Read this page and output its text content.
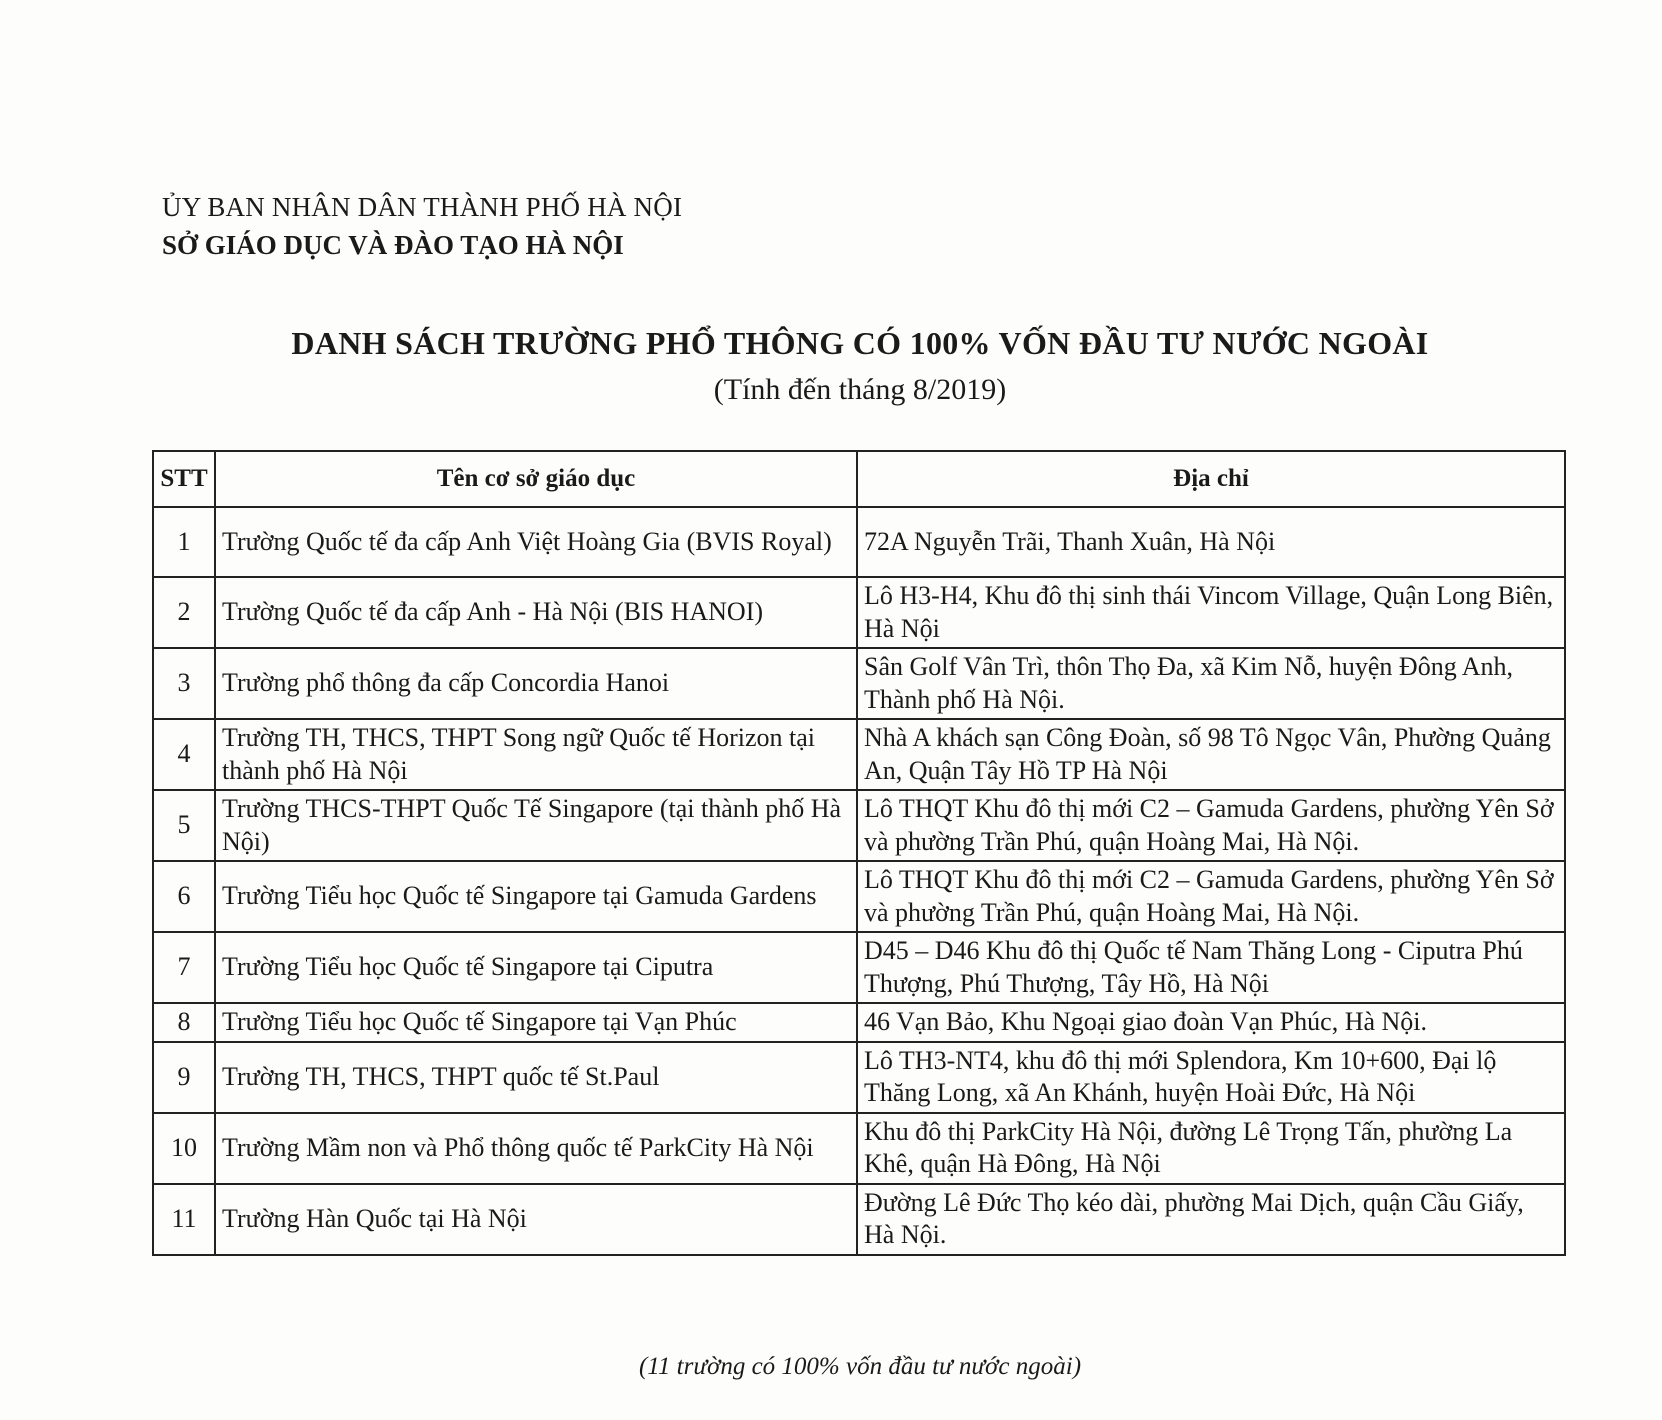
ỦY BAN NHÂN DÂN THÀNH PHỐ HÀ NỘI
SỞ GIÁO DỤC VÀ ĐÀO TẠO HÀ NỘI
DANH SÁCH TRƯỜNG PHỔ THÔNG CÓ 100% VỐN ĐẦU TƯ NƯỚC NGOÀI
(Tính đến tháng 8/2019)
STT	Tên cơ sở giáo dục	Địa chỉ
1	Trường Quốc tế đa cấp Anh Việt Hoàng Gia (BVIS Royal)	72A Nguyễn Trãi, Thanh Xuân, Hà Nội
2	Trường Quốc tế đa cấp Anh - Hà Nội (BIS HANOI)	Lô H3-H4, Khu đô thị sinh thái Vincom Village, Quận Long Biên, Hà Nội
3	Trường phổ thông đa cấp Concordia Hanoi	Sân Golf Vân Trì, thôn Thọ Đa, xã Kim Nỗ, huyện Đông Anh, Thành phố Hà Nội.
4	Trường TH, THCS, THPT Song ngữ Quốc tế Horizon tại thành phố Hà Nội	Nhà A khách sạn Công Đoàn, số 98 Tô Ngọc Vân, Phường Quảng An, Quận Tây Hồ TP Hà Nội
5	Trường THCS-THPT Quốc Tế Singapore (tại thành phố Hà Nội)	Lô THQT Khu đô thị mới C2 – Gamuda Gardens, phường Yên Sở và phường Trần Phú, quận Hoàng Mai, Hà Nội.
6	Trường Tiểu học Quốc tế Singapore tại Gamuda Gardens	Lô THQT Khu đô thị mới C2 – Gamuda Gardens, phường Yên Sở và phường Trần Phú, quận Hoàng Mai, Hà Nội.
7	Trường Tiểu học Quốc tế Singapore tại Ciputra	D45 – D46 Khu đô thị Quốc tế Nam Thăng Long - Ciputra Phú Thượng, Phú Thượng, Tây Hồ, Hà Nội
8	Trường Tiểu học Quốc tế Singapore tại Vạn Phúc	46 Vạn Bảo, Khu Ngoại giao đoàn Vạn Phúc, Hà Nội.
9	Trường TH, THCS, THPT quốc tế St.Paul	Lô TH3-NT4, khu đô thị mới Splendora, Km 10+600, Đại lộ Thăng Long, xã An Khánh, huyện Hoài Đức, Hà Nội
10	Trường Mầm non và Phổ thông quốc tế ParkCity Hà Nội	Khu đô thị ParkCity Hà Nội, đường Lê Trọng Tấn, phường La Khê, quận Hà Đông, Hà Nội
11	Trường Hàn Quốc tại Hà Nội	Đường Lê Đức Thọ kéo dài, phường Mai Dịch, quận Cầu Giấy, Hà Nội.
(11 trường có 100% vốn đầu tư nước ngoài)
